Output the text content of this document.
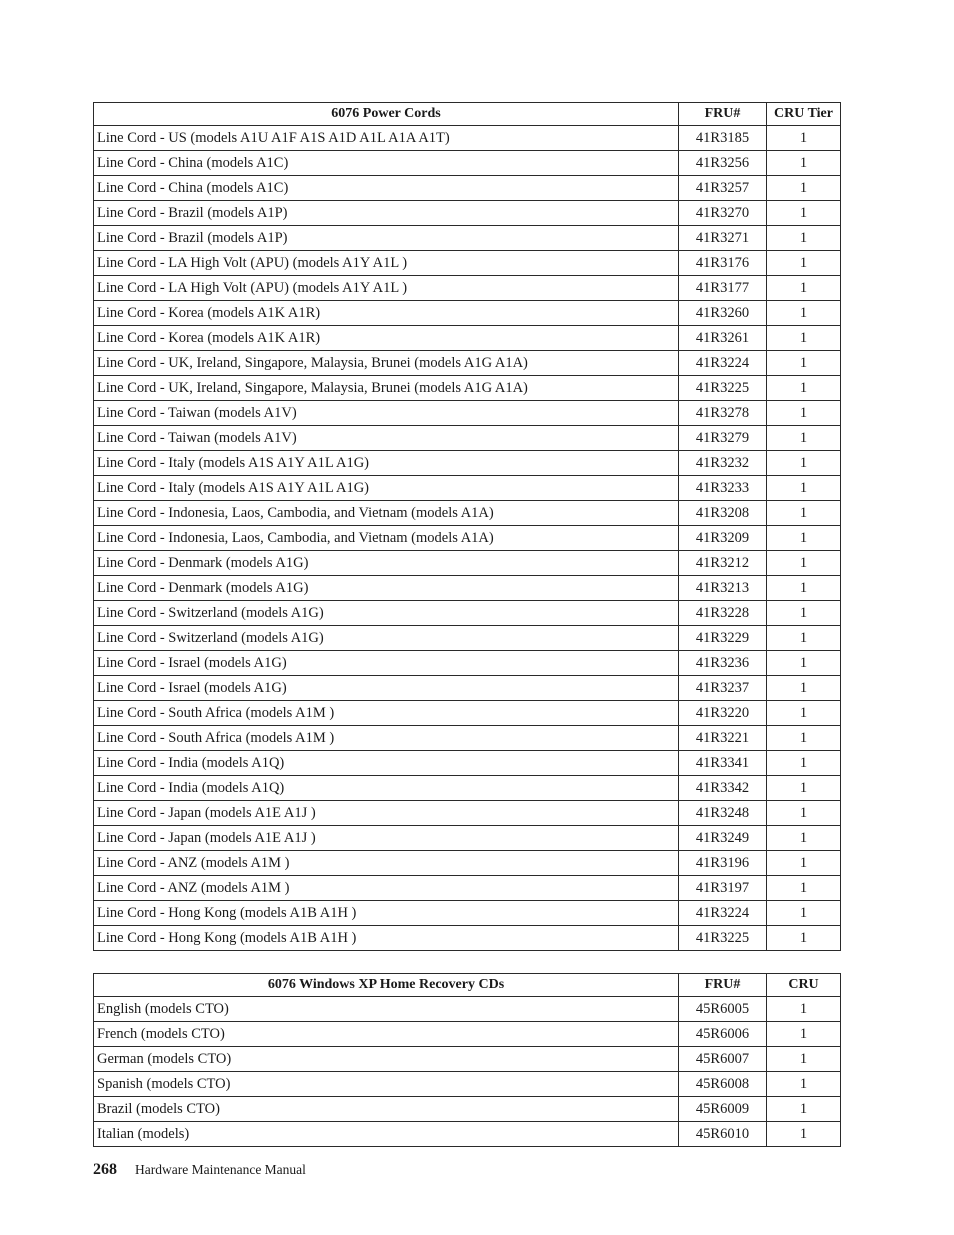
6076 Power Cords	FRU#	CRU Tier
Line Cord - US (models A1U A1F A1S A1D A1L A1A A1T)	41R3185	1
Line Cord - China (models A1C)	41R3256	1
Line Cord - China (models A1C)	41R3257	1
Line Cord - Brazil (models A1P)	41R3270	1
Line Cord - Brazil (models A1P)	41R3271	1
Line Cord - LA High Volt (APU) (models A1Y A1L )	41R3176	1
Line Cord - LA High Volt (APU) (models A1Y A1L )	41R3177	1
Line Cord - Korea (models A1K A1R)	41R3260	1
Line Cord - Korea (models A1K A1R)	41R3261	1
Line Cord - UK, Ireland, Singapore, Malaysia, Brunei (models A1G A1A)	41R3224	1
Line Cord - UK, Ireland, Singapore, Malaysia, Brunei (models A1G A1A)	41R3225	1
Line Cord - Taiwan (models A1V)	41R3278	1
Line Cord - Taiwan (models A1V)	41R3279	1
Line Cord - Italy (models A1S A1Y A1L A1G)	41R3232	1
Line Cord - Italy (models A1S A1Y A1L A1G)	41R3233	1
Line Cord - Indonesia, Laos, Cambodia, and Vietnam (models A1A)	41R3208	1
Line Cord - Indonesia, Laos, Cambodia, and Vietnam (models A1A)	41R3209	1
Line Cord - Denmark (models A1G)	41R3212	1
Line Cord - Denmark (models A1G)	41R3213	1
Line Cord - Switzerland (models A1G)	41R3228	1
Line Cord - Switzerland (models A1G)	41R3229	1
Line Cord - Israel (models A1G)	41R3236	1
Line Cord - Israel (models A1G)	41R3237	1
Line Cord - South Africa (models A1M )	41R3220	1
Line Cord - South Africa (models A1M )	41R3221	1
Line Cord - India (models A1Q)	41R3341	1
Line Cord - India (models A1Q)	41R3342	1
Line Cord - Japan (models A1E A1J )	41R3248	1
Line Cord - Japan (models A1E A1J )	41R3249	1
Line Cord - ANZ (models A1M )	41R3196	1
Line Cord - ANZ (models A1M )	41R3197	1
Line Cord - Hong Kong (models A1B A1H )	41R3224	1
Line Cord - Hong Kong (models A1B A1H )	41R3225	1
6076 Windows XP Home Recovery CDs	FRU#	CRU
English (models CTO)	45R6005	1
French (models CTO)	45R6006	1
German (models CTO)	45R6007	1
Spanish (models CTO)	45R6008	1
Brazil (models CTO)	45R6009	1
Italian (models)	45R6010	1
268 Hardware Maintenance Manual
